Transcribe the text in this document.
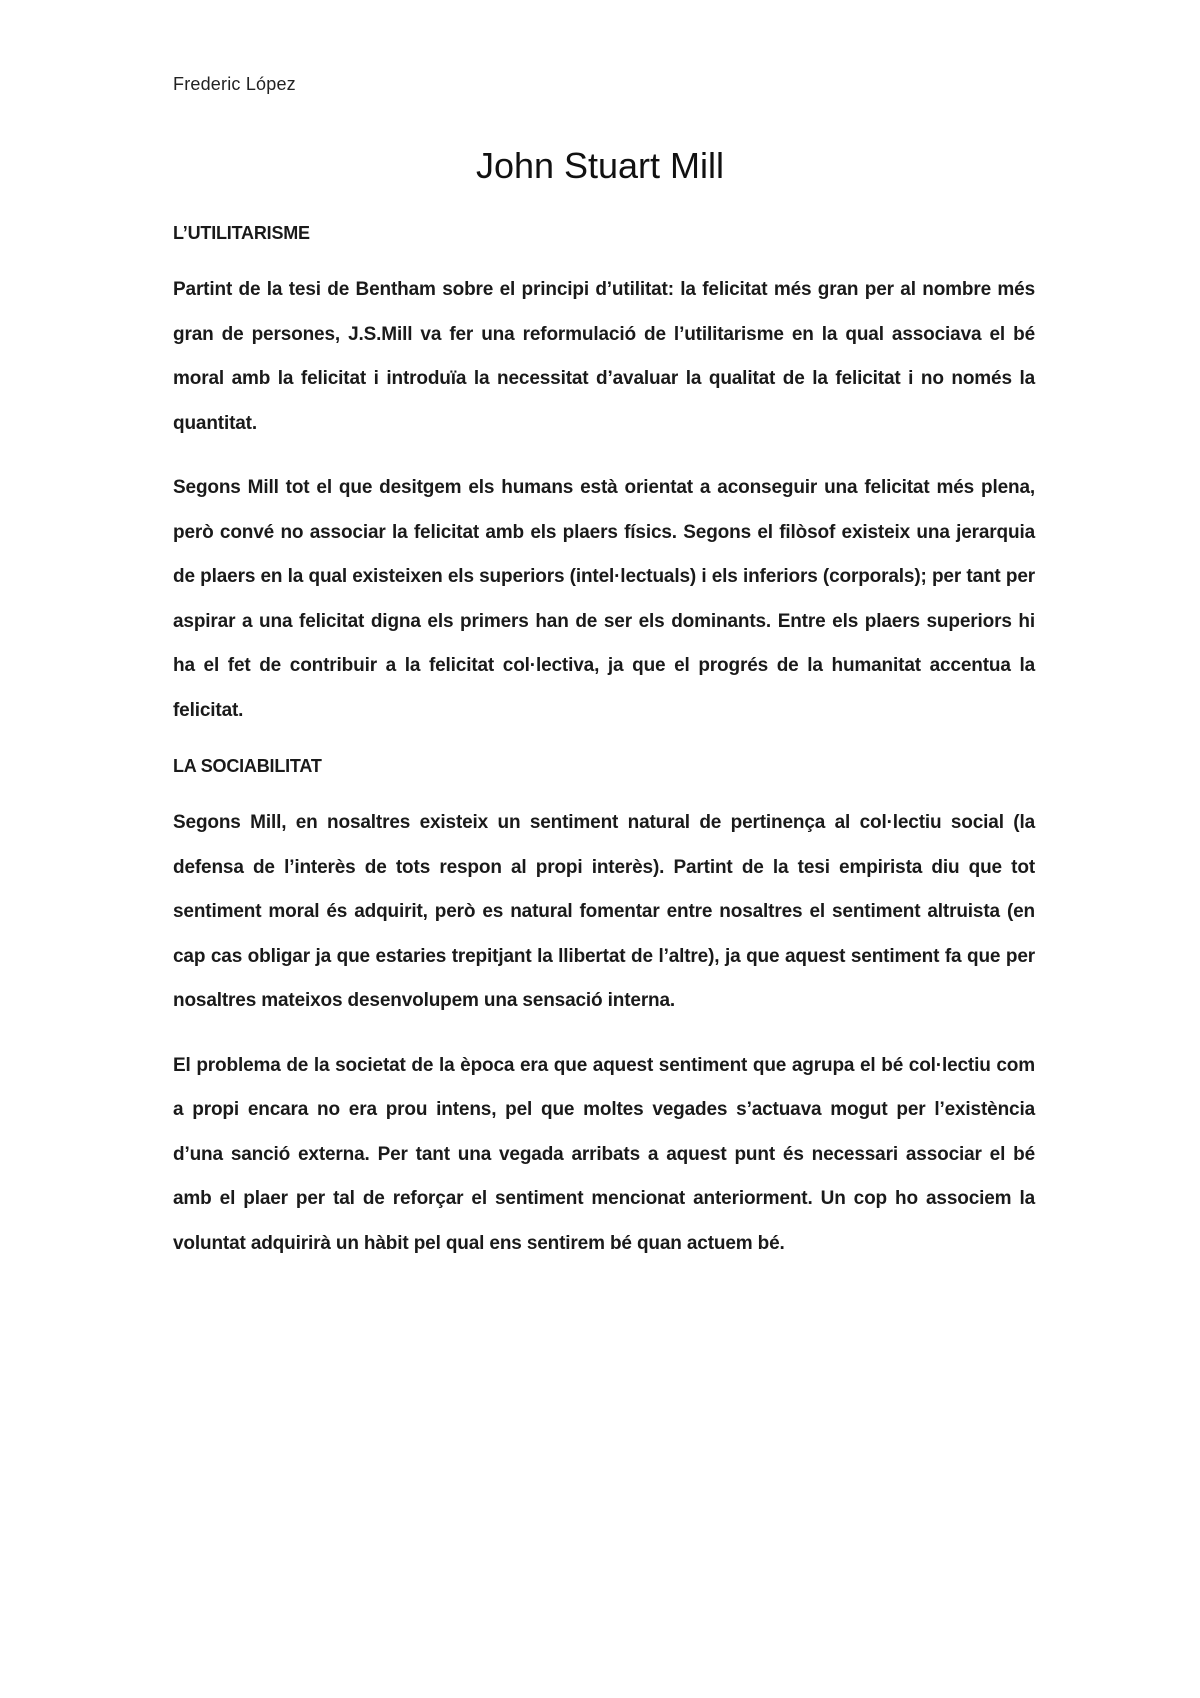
Frederic López
John Stuart Mill
L’UTILITARISME

Partint de la tesi de Bentham sobre el principi d’utilitat: la felicitat més gran per al nombre més gran de persones, J.S.Mill va fer una reformulació de l’utilitarisme en la qual associava el bé moral amb la felicitat i introduïa la necessitat d’avaluar la qualitat de la felicitat i no només la quantitat.

Segons Mill tot el que desitgem els humans està orientat a aconseguir una felicitat més plena, però convé no associar la felicitat amb els plaers físics. Segons el filòsof existeix una jerarquia de plaers en la qual existeixen els superiors (intel·lectuals) i els inferiors (corporals); per tant per aspirar a una felicitat digna els primers han de ser els dominants. Entre els plaers superiors hi ha el fet de contribuir a la felicitat col·lectiva, ja que el progrés de la humanitat accentua la felicitat.

LA SOCIABILITAT

Segons Mill, en nosaltres existeix un sentiment natural de pertinença al col·lectiu social (la defensa de l’interès de tots respon al propi interès). Partint de la tesi empirista diu que tot sentiment moral és adquirit, però es natural fomentar entre nosaltres el sentiment altruista (en cap cas obligar ja que estaries trepitjant la llibertat de l’altre), ja que aquest sentiment fa que per nosaltres mateixos desenvolupem una sensació interna.

El problema de la societat de la època era que aquest sentiment que agrupa el bé col·lectiu com a propi encara no era prou intens, pel que moltes vegades s’actuava mogut per l’existència d’una sanció externa. Per tant una vegada arribats a aquest punt és necessari associar el bé amb el plaer per tal de reforçar el sentiment mencionat anteriorment. Un cop ho associem la voluntat adquirirà un hàbit pel qual ens sentirem bé quan actuem bé.
